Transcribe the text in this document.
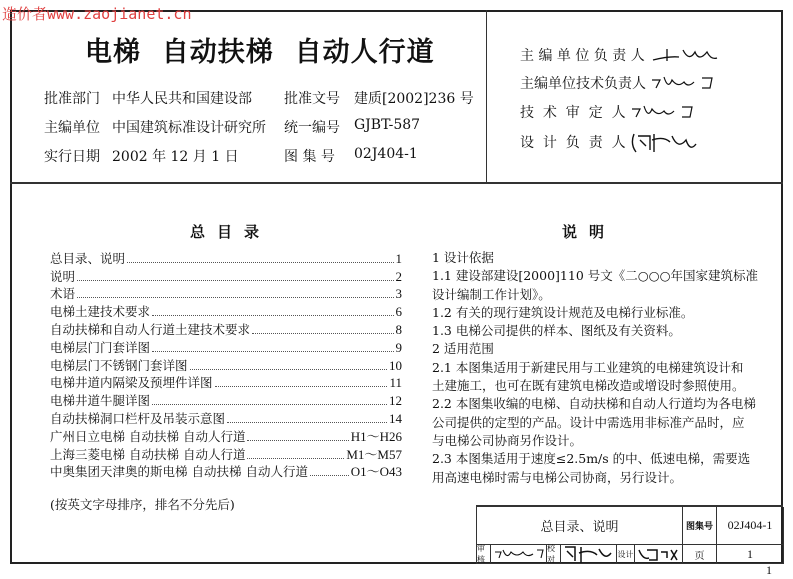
造价者www.zaojianet.cn
电梯  自动扶梯  自动人行道
批准部门 中华人民共和国建设部 批准文号 建质[2002]236 号
主编单位 中国建筑标准设计研究所 统一编号 GJBT-587
实行日期 2002 年 12 月 1 日	图 集 号 02J404-1
主 编 单 位 负 责 人
主编单位技术负责人
技  术  审  定  人
设  计  负  责  人
总目录	说明
总目录、说明	1
说明	2
术语	3
电梯土建技术要求	6
自动扶梯和自动人行道土建技术要求	8
电梯层门门套详图	9
电梯层门不锈钢门套详图	10
电梯井道内隔梁及预埋件详图	11
电梯井道牛腿详图	12
自动扶梯洞口栏杆及吊装示意图	14
广州日立电梯 自动扶梯 自动人行道	H1～H26
上海三菱电梯 自动扶梯 自动人行道	M1～M57
中奥集团天津奥的斯电梯 自动扶梯 自动人行道	O1～O43
(按英文字母排序，排名不分先后)
1 设计依据
1.1 建设部建设[2000]110 号文《二○○○年国家建筑标准
设计编制工作计划》。
1.2 有关的现行建筑设计规范及电梯行业标准。
1.3 电梯公司提供的样本、图纸及有关资料。
2 适用范围
2.1 本图集适用于新建民用与工业建筑的电梯建筑设计和
土建施工，也可在既有建筑电梯改造或增设时参照使用。
2.2 本图集收编的电梯、自动扶梯和自动人行道均为各电梯
公司提供的定型的产品。设计中需选用非标准产品时，应
与电梯公司协商另作设计。
2.3 本图集适用于速度≤2.5m/s 的中、低速电梯，需要选
用高速电梯时需与电梯公司协商，另行设计。
总目录、说明	图集号	02J404-1
审核
校对
设计	页	1
1
